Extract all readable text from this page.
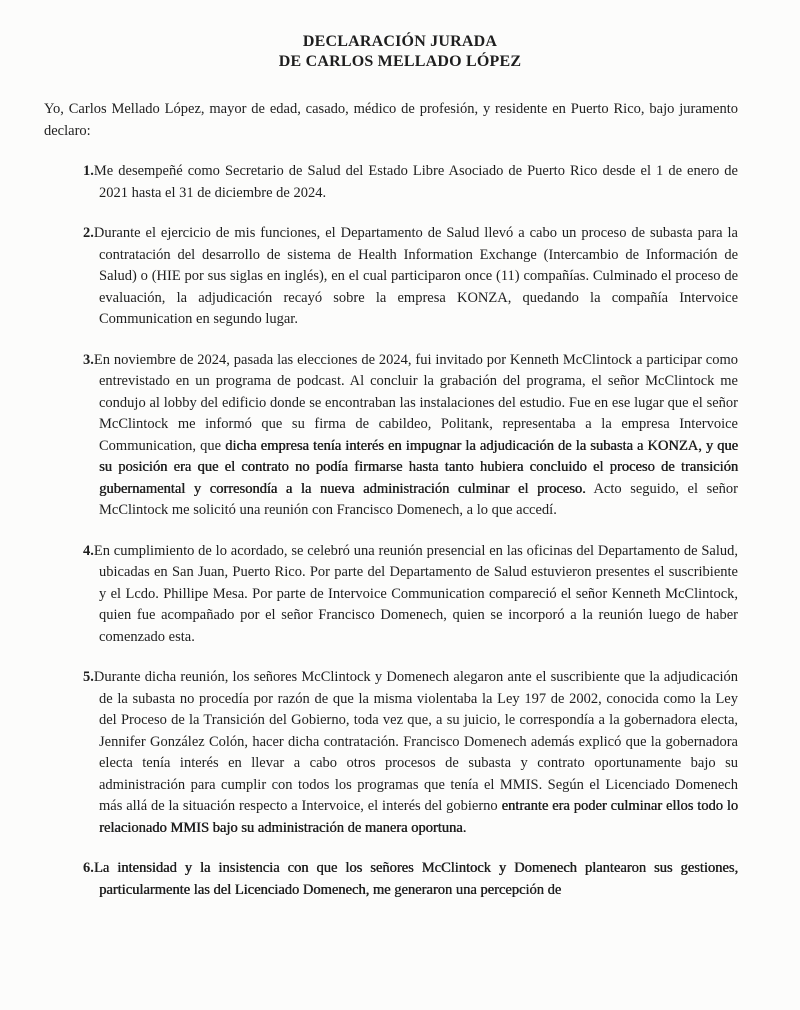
DECLARACIÓN JURADA
DE CARLOS MELLADO LÓPEZ

Yo, Carlos Mellado López, mayor de edad, casado, médico de profesión, y residente en Puerto Rico, bajo juramento declaro:

1.Me desempeñé como Secretario de Salud del Estado Libre Asociado de Puerto Rico desde el 1 de enero de 2021 hasta el 31 de diciembre de 2024.
2.Durante el ejercicio de mis funciones, el Departamento de Salud llevó a cabo un proceso de subasta para la contratación del desarrollo de sistema de Health Information Exchange (Intercambio de Información de Salud) o (HIE por sus siglas en inglés), en el cual participaron once (11) compañías. Culminado el proceso de evaluación, la adjudicación recayó sobre la empresa KONZA, quedando la compañía Intervoice Communication en segundo lugar.
3.En noviembre de 2024, pasada las elecciones de 2024, fui invitado por Kenneth McClintock a participar como entrevistado en un programa de podcast. Al concluir la grabación del programa, el señor McClintock me condujo al lobby del edificio donde se encontraban las instalaciones del estudio. Fue en ese lugar que el señor McClintock me informó que su firma de cabildeo, Politank, representaba a la empresa Intervoice Communication, que dicha empresa tenía interés en impugnar la adjudicación de la subasta a KONZA, y que su posición era que el contrato no podía firmarse hasta tanto hubiera concluido el proceso de transición gubernamental y corresondía a la nueva administración culminar el proceso. Acto seguido, el señor McClintock me solicitó una reunión con Francisco Domenech, a lo que accedí.
4.En cumplimiento de lo acordado, se celebró una reunión presencial en las oficinas del Departamento de Salud, ubicadas en San Juan, Puerto Rico. Por parte del Departamento de Salud estuvieron presentes el suscribiente y el Lcdo. Phillipe Mesa. Por parte de Intervoice Communication compareció el señor Kenneth McClintock, quien fue acompañado por el señor Francisco Domenech, quien se incorporó a la reunión luego de haber comenzado esta.
5.Durante dicha reunión, los señores McClintock y Domenech alegaron ante el suscribiente que la adjudicación de la subasta no procedía por razón de que la misma violentaba la Ley 197 de 2002, conocida como la Ley del Proceso de la Transición del Gobierno, toda vez que, a su juicio, le correspondía a la gobernadora electa, Jennifer González Colón, hacer dicha contratación. Francisco Domenech además explicó que la gobernadora electa tenía interés en llevar a cabo otros procesos de subasta y contrato oportunamente bajo su administración para cumplir con todos los programas que tenía el MMIS. Según el Licenciado Domenech más allá de la situación respecto a Intervoice, el interés del gobierno entrante era poder culminar ellos todo lo relacionado MMIS bajo su administración de manera oportuna.
6.La intensidad y la insistencia con que los señores McClintock y Domenech plantearon sus gestiones, particularmente las del Licenciado Domenech, me generaron una percepción de
